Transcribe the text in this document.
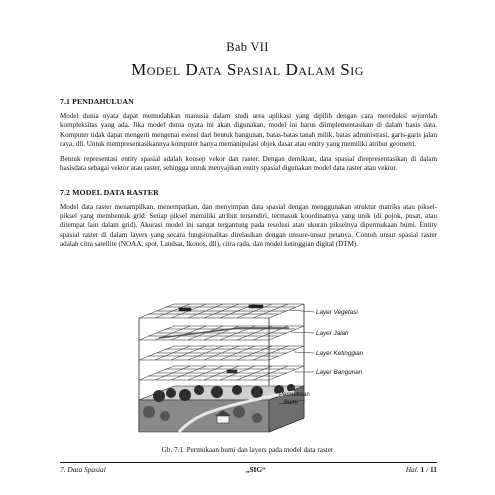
Bab VII
Model Data Spasial Dalam Sig
7.1 PENDAHULUAN

Model dunia nyata dapat memudahkan manusia dalam studi area aplikasi yang dipilih dengan cara mereduksi sejumlah kompleksitas yang ada. Jika model dunia nyata ini akan digunakan, model ini harus diimplementasikan di dalam basis data. Komputer tidak dapat mengerti mengenai esensi dari bentuk bangunan, batas-batas tanah milik, batas administrasi, garis-garis jalan raya, dll. Untuk mempresentasikannya komputer hanya memanipulasi objek dasar atau entity yang memiliki atribut geometri.

Bentuk representasi entity spasial adalah konsep vekor dan raster. Dengan demikian, data spasial direpresentasikan di dalam basisdata sebagai vektor atau raster, sehingga untuk menyajikan entity spasial digunakan model data raster atau vektor.

7.2 MODEL DATA RASTER

Model data raster menampilkan, menempatkan, dan menyimpan data spasial dengan menggunakan struktur matriks atau piksel-piksel yang membentuk grid. Setiap piksel memiliki atribut tersendiri, termasuk koordinatnya yang unik (di pojok, pusat, atau ditempat lain dalam grid). Akurasi model ini sangat tergantung pada resolusi atau ukuran pikselnya dipermukaan bumi. Entity spasial raster di dalam layers yang secara fungsionalitas direlasikan dengan unsure-unsur petanya. Contoh unsur spasial raster adalah citra satellite (NOAA, spot, Landsat, Ikonos, dll), citra rada, dan model ketinggian digital (DTM).

Layer Vegetasi
Layer Jalan
Layer Ketinggian
Layer Bangunan
Permukaan
Bumi
Gb. 7.1. Permukaan bumi dan layers pada model data raster
7. Data Spasial	„SIG“	Hal. 1 / 11
